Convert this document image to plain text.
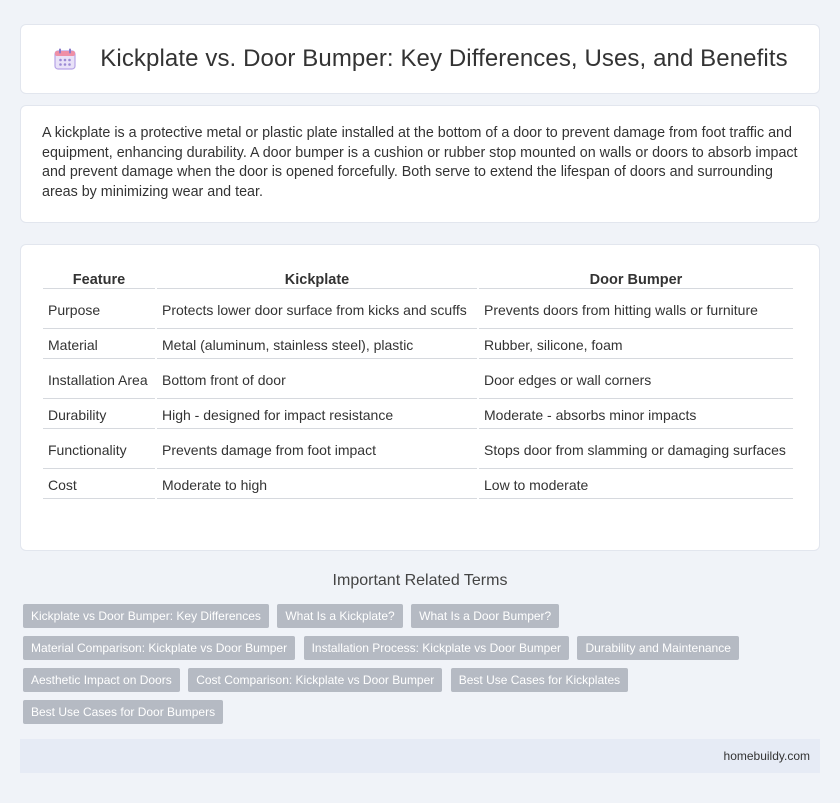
Kickplate vs. Door Bumper: Key Differences, Uses, and Benefits

A kickplate is a protective metal or plastic plate installed at the bottom of a door to prevent damage from foot traffic and equipment, enhancing durability. A door bumper is a cushion or rubber stop mounted on walls or doors to absorb impact and prevent damage when the door is opened forcefully. Both serve to extend the lifespan of doors and surrounding areas by minimizing wear and tear.

Feature	Kickplate	Door Bumper
Purpose	Protects lower door surface from kicks and scuffs	Prevents doors from hitting walls or furniture
Material	Metal (aluminum, stainless steel), plastic	Rubber, silicone, foam
Installation Area	Bottom front of door	Door edges or wall corners
Durability	High - designed for impact resistance	Moderate - absorbs minor impacts
Functionality	Prevents damage from foot impact	Stops door from slamming or damaging surfaces
Cost	Moderate to high	Low to moderate
Important Related Terms
Kickplate vs Door Bumper: Key Differences What Is a Kickplate? What Is a Door Bumper?
Material Comparison: Kickplate vs Door Bumper Installation Process: Kickplate vs Door Bumper Durability and Maintenance
Aesthetic Impact on Doors Cost Comparison: Kickplate vs Door Bumper Best Use Cases for Kickplates
Best Use Cases for Door Bumpers
homebuildy.com
